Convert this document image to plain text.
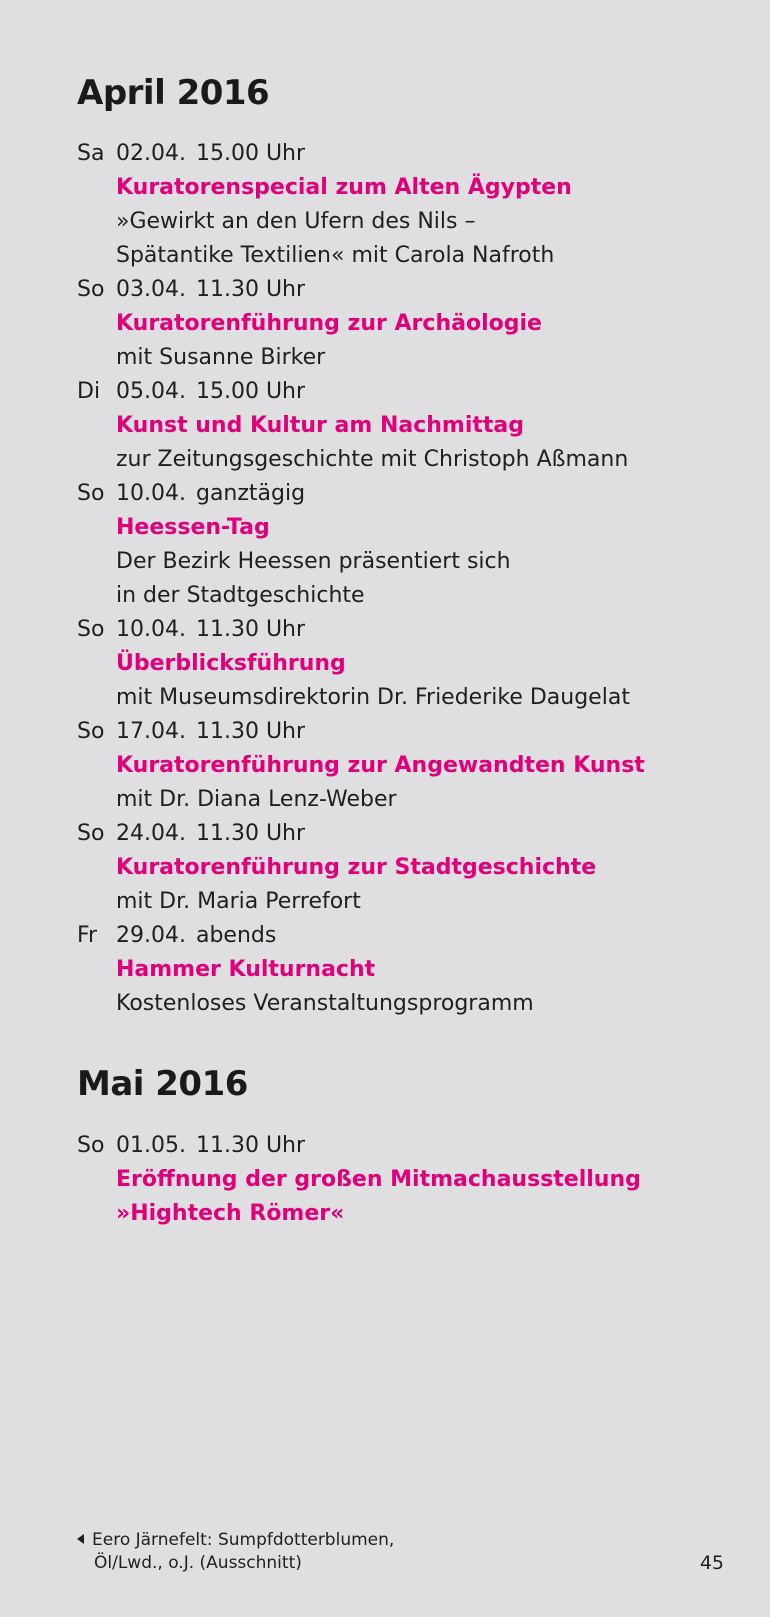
April 2016
Sa 02.04. 15.00 Uhr
Kuratorenspecial zum Alten Ägypten
»Gewirkt an den Ufern des Nils –
Spätantike Textilien« mit Carola Nafroth
So 03.04. 11.30 Uhr
Kuratorenführung zur Archäologie
mit Susanne Birker
Di 05.04. 15.00 Uhr
Kunst und Kultur am Nachmittag
zur Zeitungsgeschichte mit Christoph Aßmann
So 10.04. ganztägig
Heessen-Tag
Der Bezirk Heessen präsentiert sich
in der Stadtgeschichte
So 10.04. 11.30 Uhr
Überblicksführung
mit Museumsdirektorin Dr. Friederike Daugelat
So 17.04. 11.30 Uhr
Kuratorenführung zur Angewandten Kunst
mit Dr. Diana Lenz-Weber
So 24.04. 11.30 Uhr
Kuratorenführung zur Stadtgeschichte
mit Dr. Maria Perrefort
Fr 29.04. abends
Hammer Kulturnacht
Kostenloses Veranstaltungsprogramm
Mai 2016
So 01.05. 11.30 Uhr
Eröffnung der großen Mitmachausstellung
»Hightech Römer«
Eero Järnefelt: Sumpfdotterblumen,
Öl/Lwd., o.J. (Ausschnitt)	45
